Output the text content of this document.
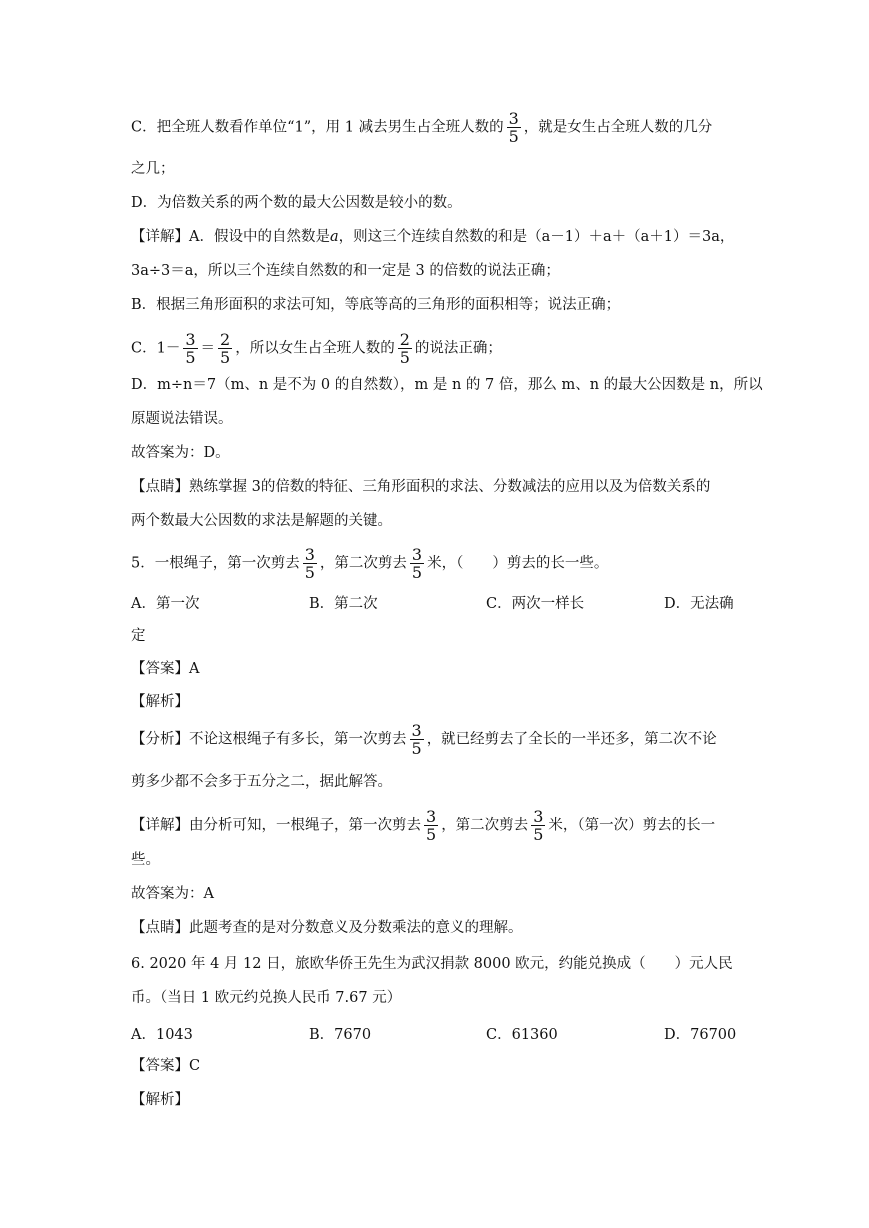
C．把全班人数看作单位“1”，用 1 减去男生占全班人数的 $\frac{3}{5}$ ，就是女生占全班人数的几分
之几；
D．为倍数关系的两个数的最大公因数是较小的数。
【详解】A．假设中的自然数是a，则这三个连续自然数的和是（a－1）＋a＋（a＋1）＝3a，
3a÷3＝a，所以三个连续自然数的和一定是 3 的倍数的说法正确；
B．根据三角形面积的求法可知，等底等高的三角形的面积相等；说法正确；
C．$1- \frac{3}{5} = \frac{2}{5}$ ，所以女生占全班人数的 $\frac{2}{5}$ 的说法正确；
D．m÷n＝7（m、n 是不为 0 的自然数），m 是 n 的 7 倍，那么 m、n 的最大公因数是 n，所以
原题说法错误。
故答案为：D。
【点睛】熟练掌握 3的倍数的特征、三角形面积的求法、分数减法的应用以及为倍数关系的
两个数最大公因数的求法是解题的关键。
5．一根绳子，第一次剪去 $\frac{3}{5}$ ，第二次剪去 $\frac{3}{5}$ 米，（　　）剪去的长一些。
A．第一次	B．第二次	C．两次一样长	D．无法确
定
【答案】A
【解析】
【分析】不论这根绳子有多长，第一次剪去 $\frac{3}{5}$ ，就已经剪去了全长的一半还多，第二次不论
剪多少都不会多于五分之二，据此解答。
【详解】由分析可知，一根绳子，第一次剪去 $\frac{3}{5}$ ，第二次剪去 $\frac{3}{5}$ 米，（第一次）剪去的长一
些。
故答案为：A
【点睛】此题考查的是对分数意义及分数乘法的意义的理解。
6. 2020 年 4 月 12 日，旅欧华侨王先生为武汉捐款 8000 欧元，约能兑换成（　　）元人民
币。（当日 1 欧元约兑换人民币 7.67 元）
A．1043	B．7670	C．61360	D．76700
【答案】C
【解析】
